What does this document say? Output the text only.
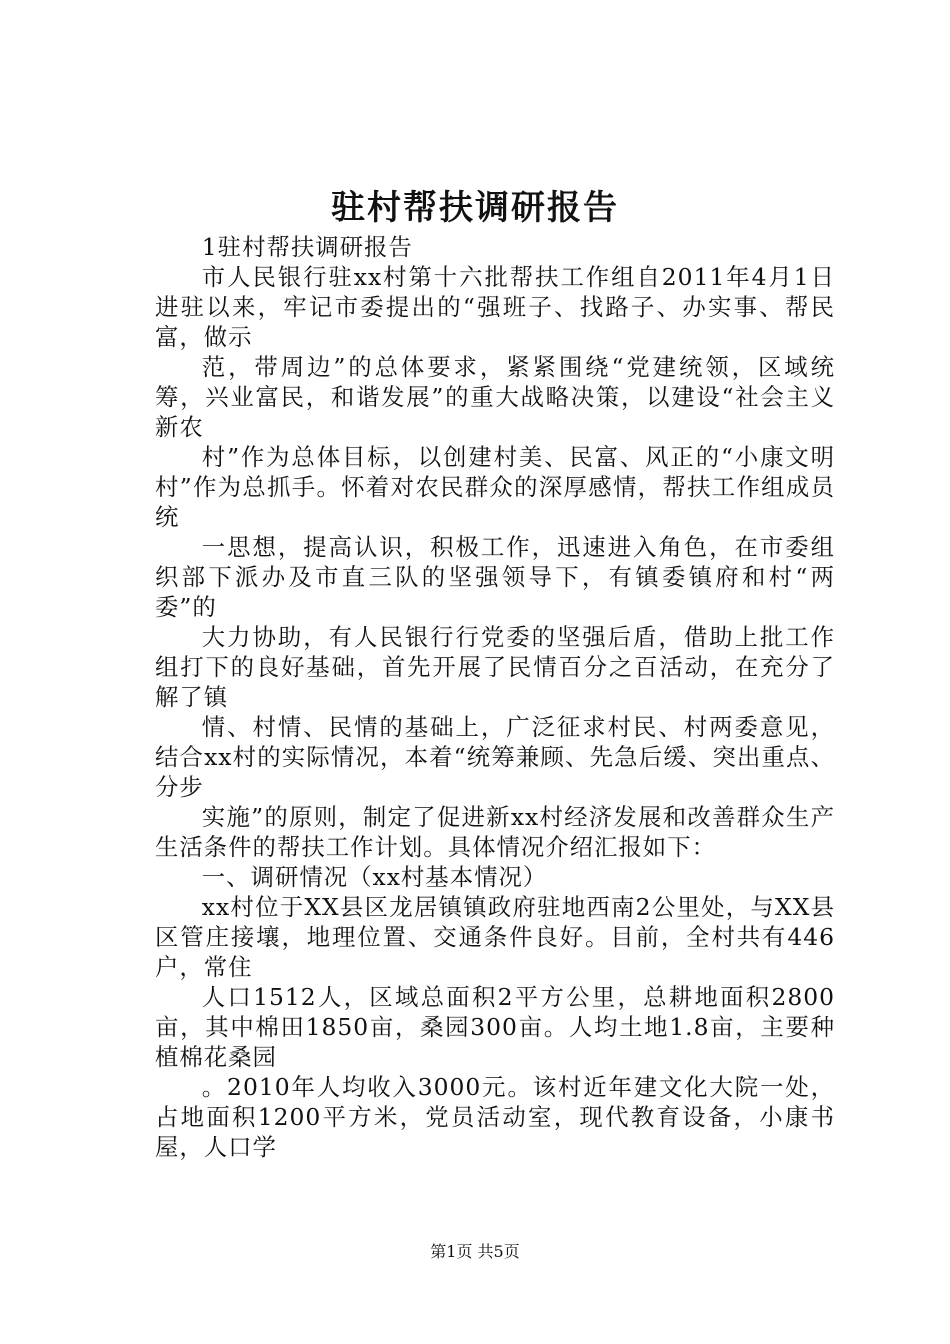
驻村帮扶调研报告

1驻村帮扶调研报告

市人民银行驻xx村第十六批帮扶工作组自2011年4月1日进驻以来，牢记市委提出的“强班子、找路子、办实事、帮民富，做示

范，带周边”的总体要求，紧紧围绕“党建统领，区域统筹，兴业富民，和谐发展”的重大战略决策，以建设“社会主义新农

村”作为总体目标，以创建村美、民富、风正的“小康文明村”作为总抓手。怀着对农民群众的深厚感情，帮扶工作组成员统

一思想，提高认识，积极工作，迅速进入角色，在市委组织部下派办及市直三队的坚强领导下，有镇委镇府和村“两委”的

大力协助，有人民银行行党委的坚强后盾，借助上批工作组打下的良好基础，首先开展了民情百分之百活动，在充分了解了镇

情、村情、民情的基础上，广泛征求村民、村两委意见，结合xx村的实际情况，本着“统筹兼顾、先急后缓、突出重点、分步

实施”的原则，制定了促进新xx村经济发展和改善群众生产生活条件的帮扶工作计划。具体情况介绍汇报如下：

一、调研情况（xx村基本情况）

xx村位于XX县区龙居镇镇政府驻地西南2公里处，与XX县区管庄接壤，地理位置、交通条件良好。目前，全村共有446户，常住

人口1512人，区域总面积2平方公里，总耕地面积2800亩，其中棉田1850亩，桑园300亩。人均土地1.8亩，主要种植棉花桑园

。2010年人均收入3000元。该村近年建文化大院一处，占地面积1200平方米，党员活动室，现代教育设备，小康书屋，人口学

第1页 共5页
